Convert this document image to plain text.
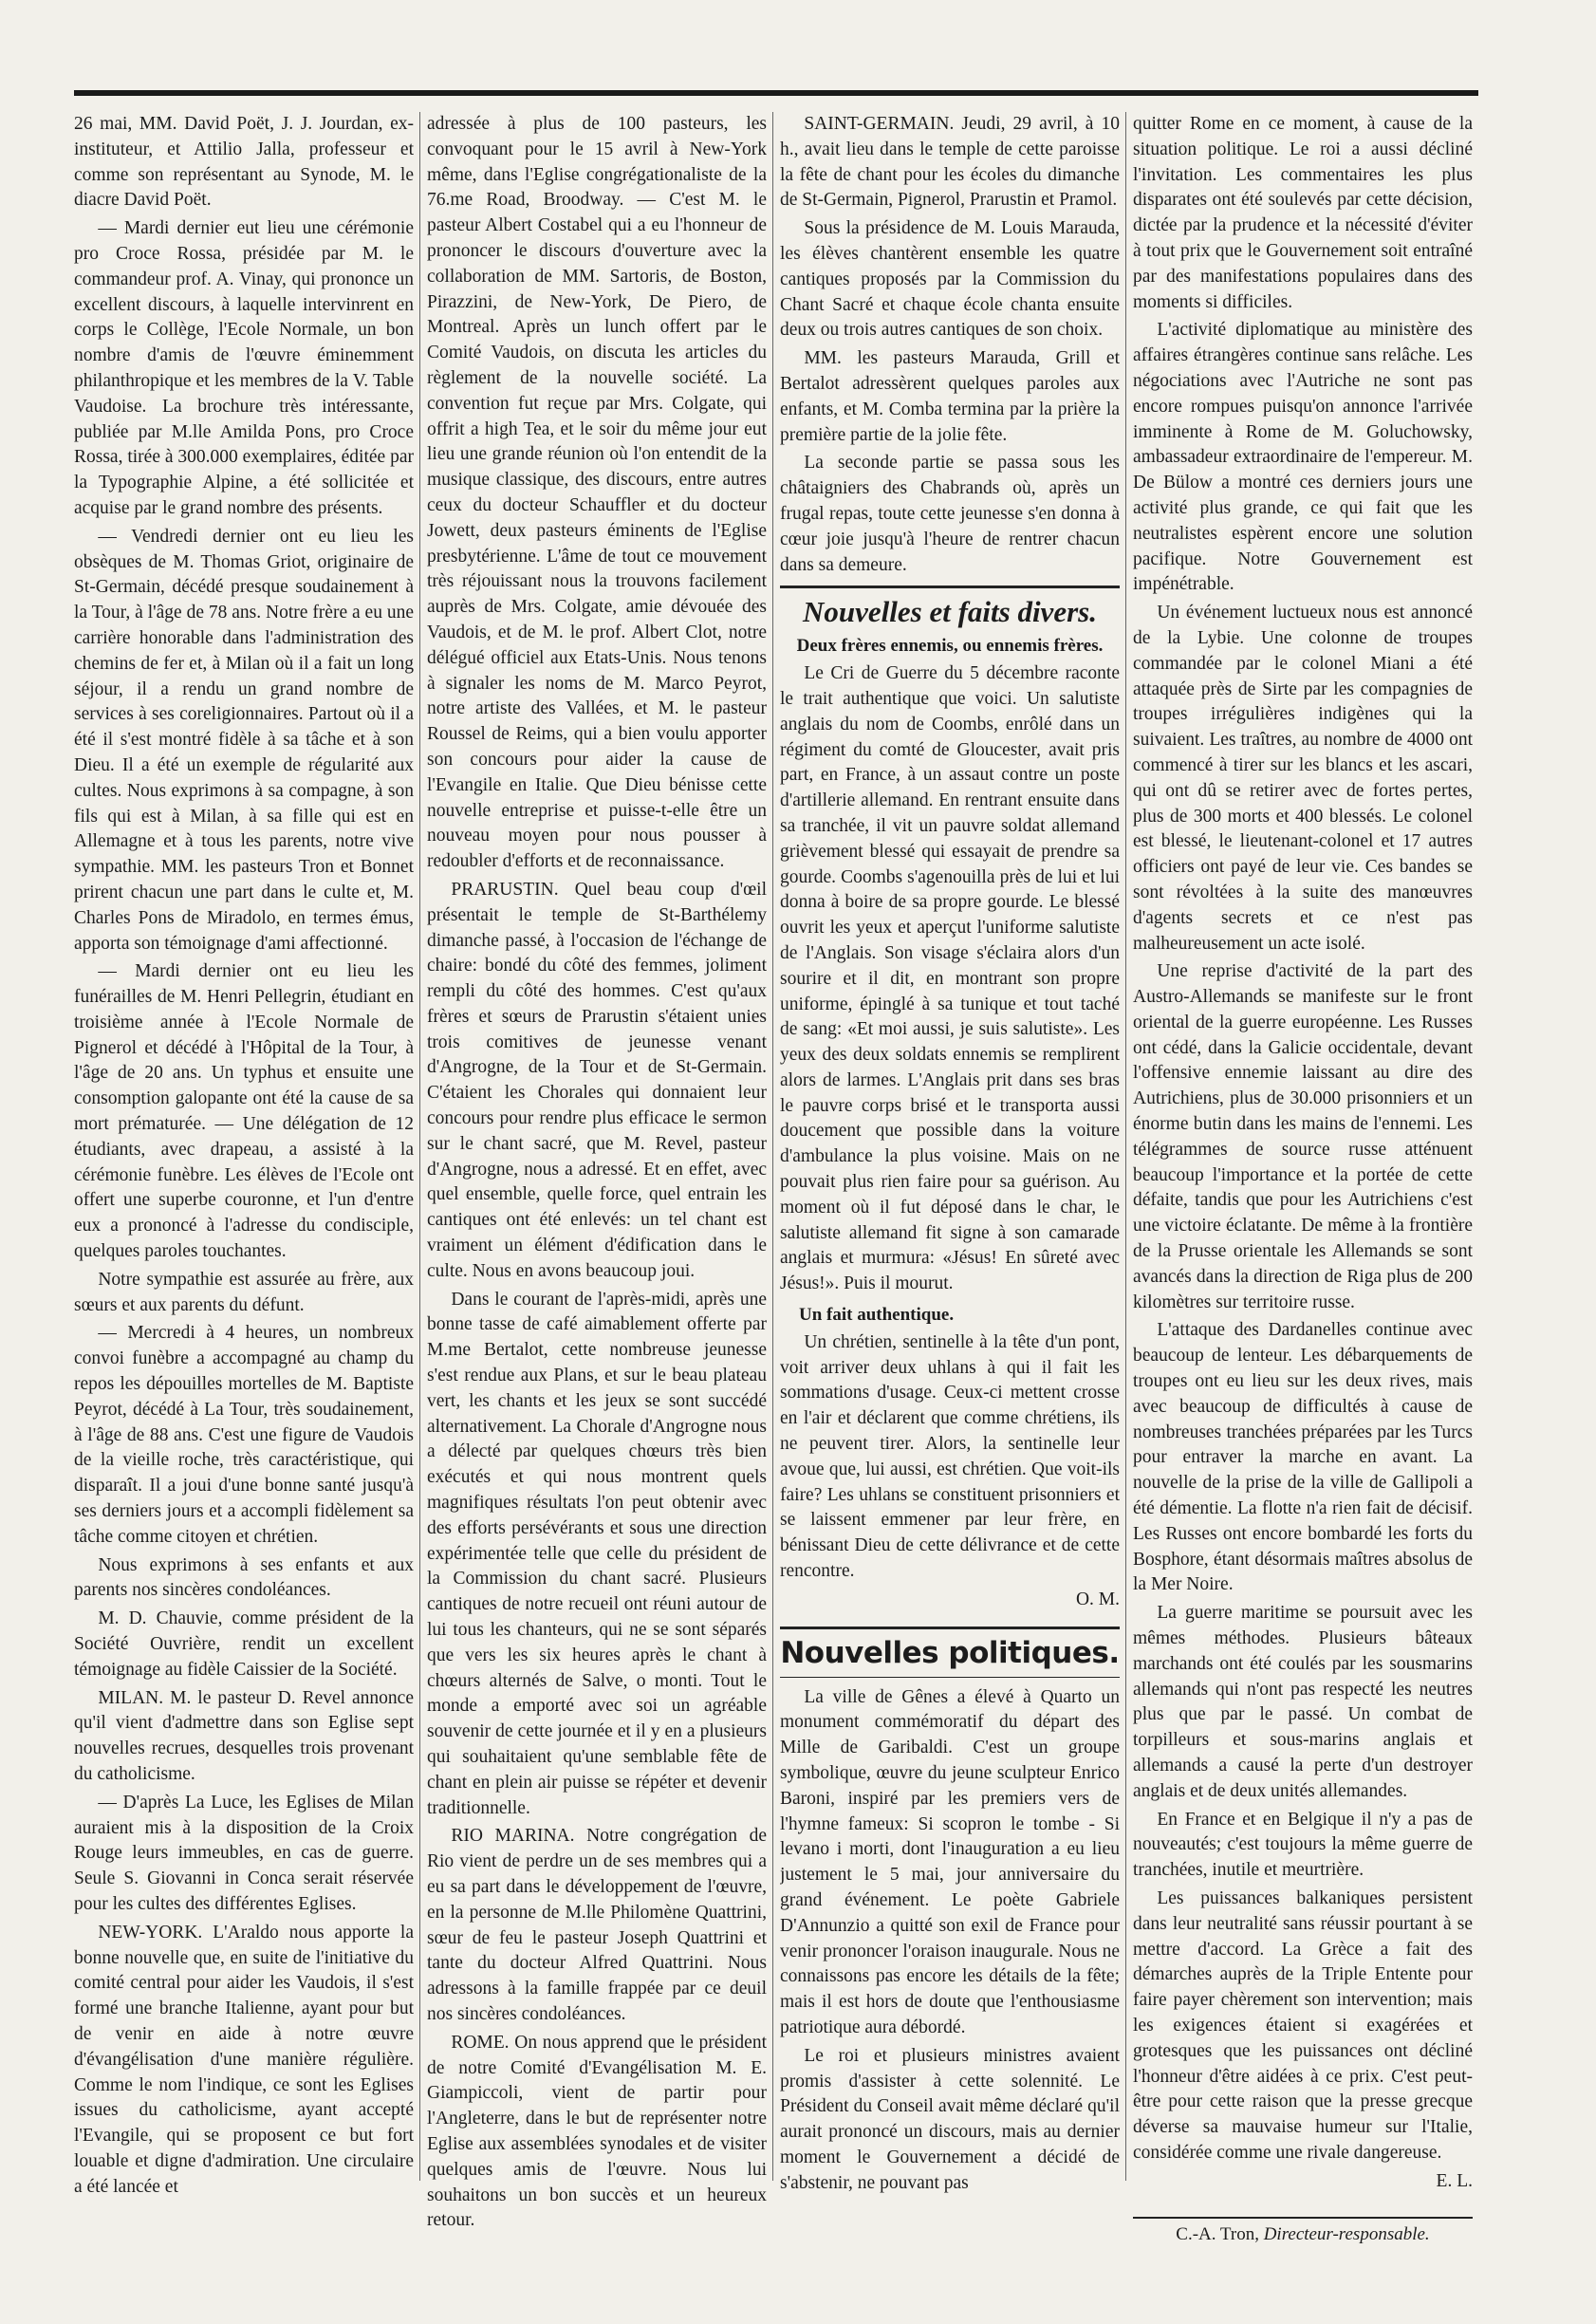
26 mai, MM. David Poët, J. J. Jourdan, ex-instituteur, et Attilio Jalla, professeur et comme son représentant au Synode, M. le diacre David Poët.

— Mardi dernier eut lieu une cérémonie pro Croce Rossa, présidée par M. le commandeur prof. A. Vinay, qui prononce un excellent discours, à laquelle intervinrent en corps le Collège, l'Ecole Normale, un bon nombre d'amis de l'œuvre éminemment philanthropique et les membres de la V. Table Vaudoise. La brochure très intéressante, publiée par M.lle Amilda Pons, pro Croce Rossa, tirée à 300.000 exemplaires, éditée par la Typographie Alpine, a été sollicitée et acquise par le grand nombre des présents.

— Vendredi dernier ont eu lieu les obsèques de M. Thomas Griot, originaire de St-Germain, décédé presque soudainement à la Tour, à l'âge de 78 ans. Notre frère a eu une carrière honorable dans l'administration des chemins de fer et, à Milan où il a fait un long séjour, il a rendu un grand nombre de services à ses coreligionnaires. Partout où il a été il s'est montré fidèle à sa tâche et à son Dieu. Il a été un exemple de régularité aux cultes. Nous exprimons à sa compagne, à son fils qui est à Milan, à sa fille qui est en Allemagne et à tous les parents, notre vive sympathie. MM. les pasteurs Tron et Bonnet prirent chacun une part dans le culte et, M. Charles Pons de Miradolo, en termes émus, apporta son témoignage d'ami affectionné.

— Mardi dernier ont eu lieu les funérailles de M. Henri Pellegrin, étudiant en troisième année à l'Ecole Normale de Pignerol et décédé à l'Hôpital de la Tour, à l'âge de 20 ans. Un typhus et ensuite une consomption galopante ont été la cause de sa mort prématurée. — Une délégation de 12 étudiants, avec drapeau, a assisté à la cérémonie funèbre. Les élèves de l'Ecole ont offert une superbe couronne, et l'un d'entre eux a prononcé à l'adresse du condisciple, quelques paroles touchantes.

Notre sympathie est assurée au frère, aux sœurs et aux parents du défunt.

— Mercredi à 4 heures, un nombreux convoi funèbre a accompagné au champ du repos les dépouilles mortelles de M. Baptiste Peyrot, décédé à La Tour, très soudainement, à l'âge de 88 ans. C'est une figure de Vaudois de la vieille roche, très caractéristique, qui disparaît. Il a joui d'une bonne santé jusqu'à ses derniers jours et a accompli fidèlement sa tâche comme citoyen et chrétien.

Nous exprimons à ses enfants et aux parents nos sincères condoléances.

M. D. Chauvie, comme président de la Société Ouvrière, rendit un excellent témoignage au fidèle Caissier de la Société.

MILAN. M. le pasteur D. Revel annonce qu'il vient d'admettre dans son Eglise sept nouvelles recrues, desquelles trois provenant du catholicisme.

— D'après La Luce, les Eglises de Milan auraient mis à la disposition de la Croix Rouge leurs immeubles, en cas de guerre. Seule S. Giovanni in Conca serait réservée pour les cultes des différentes Eglises.

NEW-YORK. L'Araldo nous apporte la bonne nouvelle que, en suite de l'initiative du comité central pour aider les Vaudois, il s'est formé une branche Italienne, ayant pour but de venir en aide à notre œuvre d'évangélisation d'une manière régulière. Comme le nom l'indique, ce sont les Eglises issues du catholicisme, ayant accepté l'Evangile, qui se proposent ce but fort louable et digne d'admiration. Une circulaire a été lancée et

adressée à plus de 100 pasteurs, les convoquant pour le 15 avril à New-York même, dans l'Eglise congrégationaliste de la 76.me Road, Broodway. — C'est M. le pasteur Albert Costabel qui a eu l'honneur de prononcer le discours d'ouverture avec la collaboration de MM. Sartoris, de Boston, Pirazzini, de New-York, De Piero, de Montreal. Après un lunch offert par le Comité Vaudois, on discuta les articles du règlement de la nouvelle société. La convention fut reçue par Mrs. Colgate, qui offrit a high Tea, et le soir du même jour eut lieu une grande réunion où l'on entendit de la musique classique, des discours, entre autres ceux du docteur Schauffler et du docteur Jowett, deux pasteurs éminents de l'Eglise presbytérienne. L'âme de tout ce mouvement très réjouissant nous la trouvons facilement auprès de Mrs. Colgate, amie dévouée des Vaudois, et de M. le prof. Albert Clot, notre délégué officiel aux Etats-Unis. Nous tenons à signaler les noms de M. Marco Peyrot, notre artiste des Vallées, et M. le pasteur Roussel de Reims, qui a bien voulu apporter son concours pour aider la cause de l'Evangile en Italie. Que Dieu bénisse cette nouvelle entreprise et puisse-t-elle être un nouveau moyen pour nous pousser à redoubler d'efforts et de reconnaissance.

PRARUSTIN. Quel beau coup d'œil présentait le temple de St-Barthélemy dimanche passé, à l'occasion de l'échange de chaire: bondé du côté des femmes, joliment rempli du côté des hommes. C'est qu'aux frères et sœurs de Prarustin s'étaient unies trois comitives de jeunesse venant d'Angrogne, de la Tour et de St-Germain. C'étaient les Chorales qui donnaient leur concours pour rendre plus efficace le sermon sur le chant sacré, que M. Revel, pasteur d'Angrogne, nous a adressé. Et en effet, avec quel ensemble, quelle force, quel entrain les cantiques ont été enlevés: un tel chant est vraiment un élément d'édification dans le culte. Nous en avons beaucoup joui.

Dans le courant de l'après-midi, après une bonne tasse de café aimablement offerte par M.me Bertalot, cette nombreuse jeunesse s'est rendue aux Plans, et sur le beau plateau vert, les chants et les jeux se sont succédé alternativement. La Chorale d'Angrogne nous a délecté par quelques chœurs très bien exécutés et qui nous montrent quels magnifiques résultats l'on peut obtenir avec des efforts persévérants et sous une direction expérimentée telle que celle du président de la Commission du chant sacré. Plusieurs cantiques de notre recueil ont réuni autour de lui tous les chanteurs, qui ne se sont séparés que vers les six heures après le chant à chœurs alternés de Salve, o monti. Tout le monde a emporté avec soi un agréable souvenir de cette journée et il y en a plusieurs qui souhaitaient qu'une semblable fête de chant en plein air puisse se répéter et devenir traditionnelle.

RIO MARINA. Notre congrégation de Rio vient de perdre un de ses membres qui a eu sa part dans le développement de l'œuvre, en la personne de M.lle Philomène Quattrini, sœur de feu le pasteur Joseph Quattrini et tante du docteur Alfred Quattrini. Nous adressons à la famille frappée par ce deuil nos sincères condoléances.

ROME. On nous apprend que le président de notre Comité d'Evangélisation M. E. Giampiccoli, vient de partir pour l'Angleterre, dans le but de représenter notre Eglise aux assemblées synodales et de visiter quelques amis de l'œuvre. Nous lui souhaitons un bon succès et un heureux retour.

SAINT-GERMAIN. Jeudi, 29 avril, à 10 h., avait lieu dans le temple de cette paroisse la fête de chant pour les écoles du dimanche de St-Germain, Pignerol, Prarustin et Pramol.

Sous la présidence de M. Louis Marauda, les élèves chantèrent ensemble les quatre cantiques proposés par la Commission du Chant Sacré et chaque école chanta ensuite deux ou trois autres cantiques de son choix.

MM. les pasteurs Marauda, Grill et Bertalot adressèrent quelques paroles aux enfants, et M. Comba termina par la prière la première partie de la jolie fête.

La seconde partie se passa sous les châtaigniers des Chabrands où, après un frugal repas, toute cette jeunesse s'en donna à cœur joie jusqu'à l'heure de rentrer chacun dans sa demeure.

Nouvelles et faits divers.
Deux frères ennemis, ou ennemis frères.

Le Cri de Guerre du 5 décembre raconte le trait authentique que voici. Un salutiste anglais du nom de Coombs, enrôlé dans un régiment du comté de Gloucester, avait pris part, en France, à un assaut contre un poste d'artillerie allemand. En rentrant ensuite dans sa tranchée, il vit un pauvre soldat allemand grièvement blessé qui essayait de prendre sa gourde. Coombs s'agenouilla près de lui et lui donna à boire de sa propre gourde. Le blessé ouvrit les yeux et aperçut l'uniforme salutiste de l'Anglais. Son visage s'éclaira alors d'un sourire et il dit, en montrant son propre uniforme, épinglé à sa tunique et tout taché de sang: «Et moi aussi, je suis salutiste». Les yeux des deux soldats ennemis se remplirent alors de larmes. L'Anglais prit dans ses bras le pauvre corps brisé et le transporta aussi doucement que possible dans la voiture d'ambulance la plus voisine. Mais on ne pouvait plus rien faire pour sa guérison. Au moment où il fut déposé dans le char, le salutiste allemand fit signe à son camarade anglais et murmura: «Jésus! En sûreté avec Jésus!». Puis il mourut.

Un fait authentique.

Un chrétien, sentinelle à la tête d'un pont, voit arriver deux uhlans à qui il fait les sommations d'usage. Ceux-ci mettent crosse en l'air et déclarent que comme chrétiens, ils ne peuvent tirer. Alors, la sentinelle leur avoue que, lui aussi, est chrétien. Que voit-ils faire? Les uhlans se constituent prisonniers et se laissent emmener par leur frère, en bénissant Dieu de cette délivrance et de cette rencontre.

O. M.

Nouvelles politiques.

La ville de Gênes a élevé à Quarto un monument commémoratif du départ des Mille de Garibaldi. C'est un groupe symbolique, œuvre du jeune sculpteur Enrico Baroni, inspiré par les premiers vers de l'hymne fameux: Si scopron le tombe - Si levano i morti, dont l'inauguration a eu lieu justement le 5 mai, jour anniversaire du grand événement. Le poète Gabriele D'Annunzio a quitté son exil de France pour venir prononcer l'oraison inaugurale. Nous ne connaissons pas encore les détails de la fête; mais il est hors de doute que l'enthousiasme patriotique aura débordé.

Le roi et plusieurs ministres avaient promis d'assister à cette solennité. Le Président du Conseil avait même déclaré qu'il aurait prononcé un discours, mais au dernier moment le Gouvernement a décidé de s'abstenir, ne pouvant pas

quitter Rome en ce moment, à cause de la situation politique. Le roi a aussi décliné l'invitation. Les commentaires les plus disparates ont été soulevés par cette décision, dictée par la prudence et la nécessité d'éviter à tout prix que le Gouvernement soit entraîné par des manifestations populaires dans des moments si difficiles.

L'activité diplomatique au ministère des affaires étrangères continue sans relâche. Les négociations avec l'Autriche ne sont pas encore rompues puisqu'on annonce l'arrivée imminente à Rome de M. Goluchowsky, ambassadeur extraordinaire de l'empereur. M. De Bülow a montré ces derniers jours une activité plus grande, ce qui fait que les neutralistes espèrent encore une solution pacifique. Notre Gouvernement est impénétrable.

Un événement luctueux nous est annoncé de la Lybie. Une colonne de troupes commandée par le colonel Miani a été attaquée près de Sirte par les compagnies de troupes irrégulières indigènes qui la suivaient. Les traîtres, au nombre de 4000 ont commencé à tirer sur les blancs et les ascari, qui ont dû se retirer avec de fortes pertes, plus de 300 morts et 400 blessés. Le colonel est blessé, le lieutenant-colonel et 17 autres officiers ont payé de leur vie. Ces bandes se sont révoltées à la suite des manœuvres d'agents secrets et ce n'est pas malheureusement un acte isolé.

Une reprise d'activité de la part des Austro-Allemands se manifeste sur le front oriental de la guerre européenne. Les Russes ont cédé, dans la Galicie occidentale, devant l'offensive ennemie laissant au dire des Autrichiens, plus de 30.000 prisonniers et un énorme butin dans les mains de l'ennemi. Les télégrammes de source russe atténuent beaucoup l'importance et la portée de cette défaite, tandis que pour les Autrichiens c'est une victoire éclatante. De même à la frontière de la Prusse orientale les Allemands se sont avancés dans la direction de Riga plus de 200 kilomètres sur territoire russe.

L'attaque des Dardanelles continue avec beaucoup de lenteur. Les débarquements de troupes ont eu lieu sur les deux rives, mais avec beaucoup de difficultés à cause de nombreuses tranchées préparées par les Turcs pour entraver la marche en avant. La nouvelle de la prise de la ville de Gallipoli a été démentie. La flotte n'a rien fait de décisif. Les Russes ont encore bombardé les forts du Bosphore, étant désormais maîtres absolus de la Mer Noire.

La guerre maritime se poursuit avec les mêmes méthodes. Plusieurs bâteaux marchands ont été coulés par les sousmarins allemands qui n'ont pas respecté les neutres plus que par le passé. Un combat de torpilleurs et sous-marins anglais et allemands a causé la perte d'un destroyer anglais et de deux unités allemandes.

En France et en Belgique il n'y a pas de nouveautés; c'est toujours la même guerre de tranchées, inutile et meurtrière.

Les puissances balkaniques persistent dans leur neutralité sans réussir pourtant à se mettre d'accord. La Grèce a fait des démarches auprès de la Triple Entente pour faire payer chèrement son intervention; mais les exigences étaient si exagérées et grotesques que les puissances ont décliné l'honneur d'être aidées à ce prix. C'est peut-être pour cette raison que la presse grecque déverse sa mauvaise humeur sur l'Italie, considérée comme une rivale dangereuse.

E. L.

C.-A. Tron, Directeur-responsable.
